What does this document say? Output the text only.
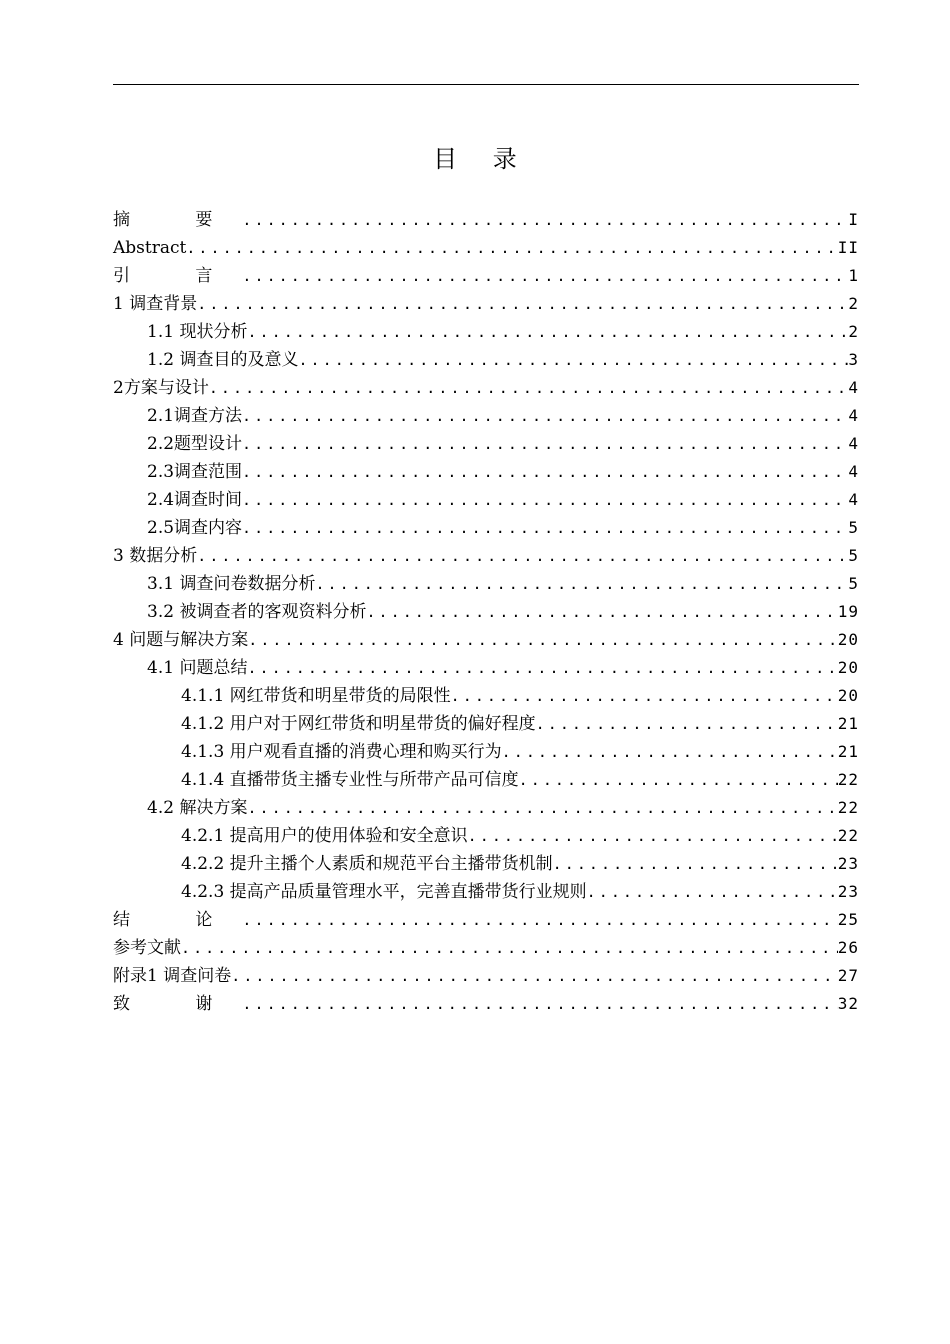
目 录
摘 要 .....	I
Abstract .....	II
引 言 .....	1
1 调查背景 .....	2
1.1 现状分析 .....	2
1.2 调查目的及意义 .....	3
2方案与设计 .....	4
2.1调查方法 .....	4
2.2题型设计 .....	4
2.3调查范围 .....	4
2.4调查时间 .....	4
2.5调查内容 .....	5
3 数据分析 .....	5
3.1 调查问卷数据分析 .....	5
3.2 被调查者的客观资料分析 .....	19
4 问题与解决方案 .....	20
4.1 问题总结 .....	20
4.1.1 网红带货和明星带货的局限性 .....	20
4.1.2 用户对于网红带货和明星带货的偏好程度 .....	21
4.1.3 用户观看直播的消费心理和购买行为 .....	21
4.1.4 直播带货主播专业性与所带产品可信度 .....	22
4.2 解决方案 .....	22
4.2.1 提高用户的使用体验和安全意识 .....	22
4.2.2 提升主播个人素质和规范平台主播带货机制 .....	23
4.2.3 提高产品质量管理水平，完善直播带货行业规则 .....	23
结 论 .....	25
参考文献 .....	26
附录1 调查问卷 .....	27
致 谢 .....	32
